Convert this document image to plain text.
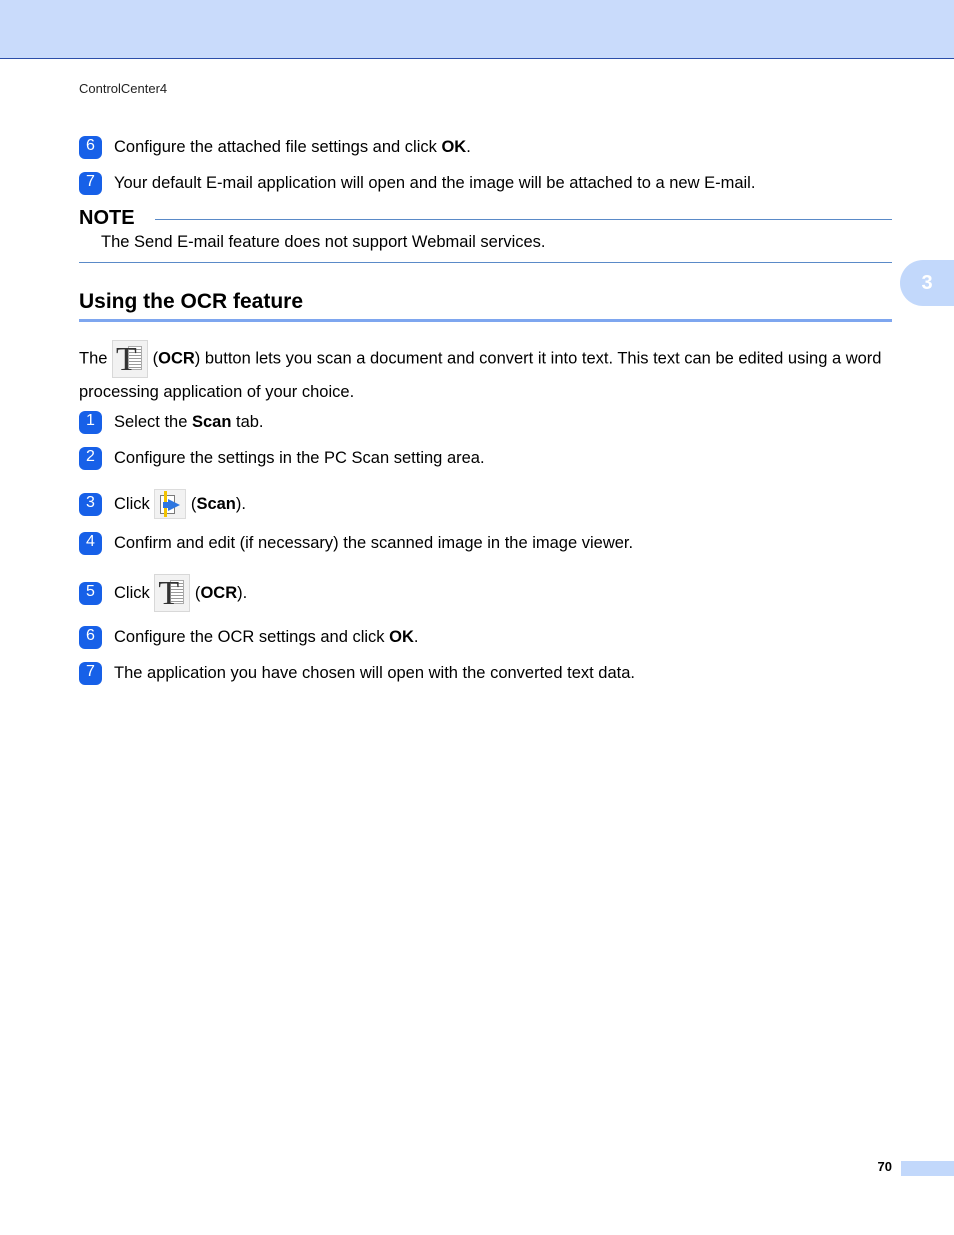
ControlCenter4
6 Configure the attached file settings and click OK.
7 Your default E-mail application will open and the image will be attached to a new E-mail.
NOTE
The Send E-mail feature does not support Webmail services.
3
Using the OCR feature
The T (OCR) button lets you scan a document and convert it into text. This text can be edited using a word processing application of your choice.
1 Select the Scan tab.
2 Configure the settings in the PC Scan setting area.
3 Click ( Scan ).
4 Confirm and edit (if necessary) the scanned image in the image viewer.
5 Click T ( OCR ).
6 Configure the OCR settings and click OK.
7 The application you have chosen will open with the converted text data.
70
